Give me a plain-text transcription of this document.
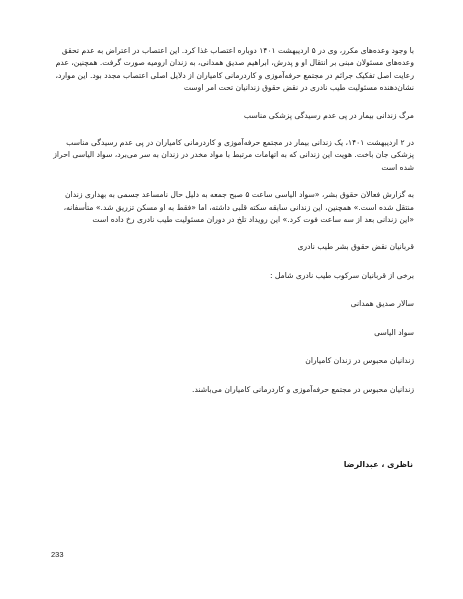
با وجود وعده‌های مکرر، وی در ۵ اردیبهشت ۱۴۰۱ دوباره اعتصاب غذا کرد. این اعتصاب در اعتراض به عدم تحقق وعده‌های مسئولان مبنی بر انتقال او و پدرش، ابراهیم صدیق همدانی، به زندان ارومیه صورت گرفت. همچنین، عدم رعایت اصل تفکیک جرائم در مجتمع حرفه‌آموزی و کاردرمانی کامیاران از دلایل اصلی اعتصاب مجدد بود. این موارد، نشان‌دهنده مسئولیت طیب نادری در نقض حقوق زندانیان تحت امر اوست

مرگ زندانی بیمار در پی عدم رسیدگی پزشکی مناسب

در ۲ اردیبهشت ۱۴۰۱، یک زندانی بیمار در مجتمع حرفه‌آموزی و کاردرمانی کامیاران در پی عدم رسیدگی مناسب پزشکی جان باخت. هویت این زندانی که به اتهامات مرتبط با مواد مخدر در زندان به سر می‌برد، سواد الیاسی احراز شده است

به گزارش فعالان حقوق بشر، «سواد الیاسی ساعت ۵ صبح جمعه به دلیل حال نامساعد جسمی به بهداری زندان منتقل شده است.» همچنین، این زندانی سابقه سکته قلبی داشته، اما «فقط به او مسکن تزریق شد.» متأسفانه، «این زندانی بعد از سه ساعت فوت کرد.» این رویداد تلخ در دوران مسئولیت طیب نادری رخ داده است

قربانیان نقض حقوق بشر طیب نادری

برخی از قربانیان سرکوب طیب نادری شامل :

سالار صدیق همدانی

سواد الیاسی

زندانیان محبوس در زندان کامیاران

زندانیان محبوس در مجتمع حرفه‌آموزی و کاردرمانی کامیاران می‌باشند.

ناظری ، عبدالرضا
233
